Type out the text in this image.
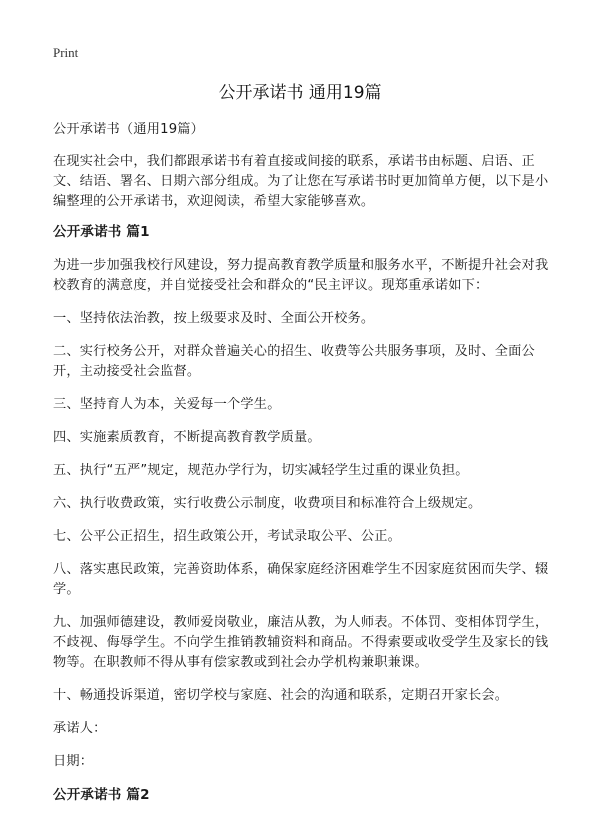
Print
公开承诺书 通用19篇

公开承诺书（通用19篇）

在现实社会中，我们都跟承诺书有着直接或间接的联系，承诺书由标题、启语、正文、结语、署名、日期六部分组成。为了让您在写承诺书时更加简单方便，以下是小编整理的公开承诺书，欢迎阅读，希望大家能够喜欢。

公开承诺书 篇1

为进一步加强我校行风建设，努力提高教育教学质量和服务水平，不断提升社会对我校教育的满意度，并自觉接受社会和群众的“民主评议。现郑重承诺如下：

一、坚持依法治教，按上级要求及时、全面公开校务。

二、实行校务公开，对群众普遍关心的招生、收费等公共服务事项，及时、全面公开，主动接受社会监督。

三、坚持育人为本，关爱每一个学生。

四、实施素质教育，不断提高教育教学质量。

五、执行“五严”规定，规范办学行为，切实减轻学生过重的课业负担。

六、执行收费政策，实行收费公示制度，收费项目和标准符合上级规定。

七、公平公正招生，招生政策公开，考试录取公平、公正。

八、落实惠民政策，完善资助体系，确保家庭经济困难学生不因家庭贫困而失学、辍学。

九、加强师德建设，教师爱岗敬业，廉洁从教，为人师表。不体罚、变相体罚学生，不歧视、侮辱学生。不向学生推销教辅资料和商品。不得索要或收受学生及家长的钱物等。在职教师不得从事有偿家教或到社会办学机构兼职兼课。

十、畅通投诉渠道，密切学校与家庭、社会的沟通和联系，定期召开家长会。

承诺人：

日期：

公开承诺书 篇2
